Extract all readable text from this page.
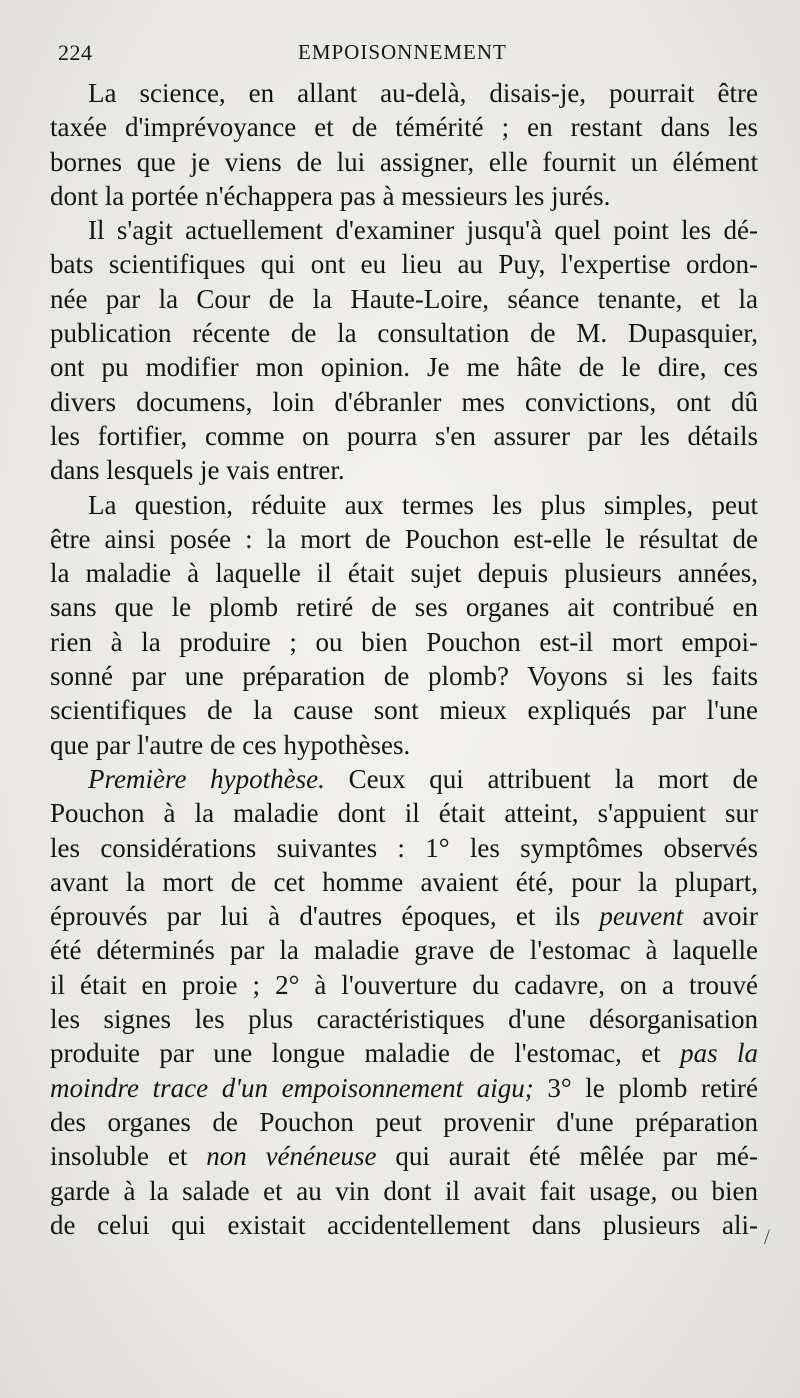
224	EMPOISONNEMENT
La science, en allant au-delà, disais-je, pourrait être
taxée d'imprévoyance et de témérité ; en restant dans les
bornes que je viens de lui assigner, elle fournit un élément
dont la portée n'échappera pas à messieurs les jurés.
Il s'agit actuellement d'examiner jusqu'à quel point les dé-
bats scientifiques qui ont eu lieu au Puy, l'expertise ordon-
née par la Cour de la Haute-Loire, séance tenante, et la
publication récente de la consultation de M. Dupasquier,
ont pu modifier mon opinion. Je me hâte de le dire, ces
divers documens, loin d'ébranler mes convictions, ont dû
les fortifier, comme on pourra s'en assurer par les détails
dans lesquels je vais entrer.
La question, réduite aux termes les plus simples, peut
être ainsi posée : la mort de Pouchon est-elle le résultat de
la maladie à laquelle il était sujet depuis plusieurs années,
sans que le plomb retiré de ses organes ait contribué en
rien à la produire ; ou bien Pouchon est-il mort empoi-
sonné par une préparation de plomb? Voyons si les faits
scientifiques de la cause sont mieux expliqués par l'une
que par l'autre de ces hypothèses.
Première hypothèse. Ceux qui attribuent la mort de
Pouchon à la maladie dont il était atteint, s'appuient sur
les considérations suivantes : 1° les symptômes observés
avant la mort de cet homme avaient été, pour la plupart,
éprouvés par lui à d'autres époques, et ils peuvent avoir
été déterminés par la maladie grave de l'estomac à laquelle
il était en proie ; 2° à l'ouverture du cadavre, on a trouvé
les signes les plus caractéristiques d'une désorganisation
produite par une longue maladie de l'estomac, et pas la
moindre trace d'un empoisonnement aigu; 3° le plomb retiré
des organes de Pouchon peut provenir d'une préparation
insoluble et non vénéneuse qui aurait été mêlée par mé-
garde à la salade et au vin dont il avait fait usage, ou bien
de celui qui existait accidentellement dans plusieurs ali- /
